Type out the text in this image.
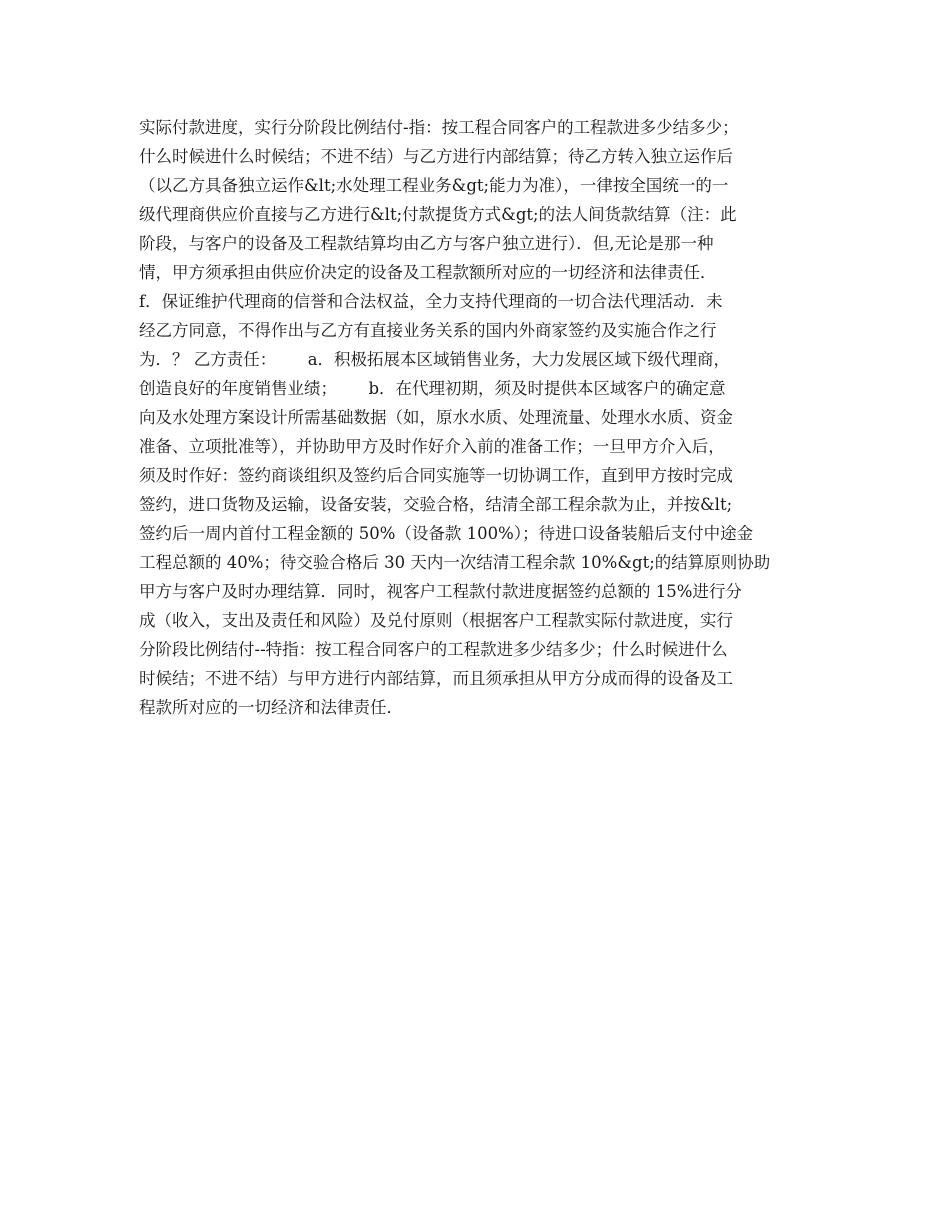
实际付款进度，实行分阶段比例结付-指：按工程合同客户的工程款进多少结多少；
什么时候进什么时候结；不进不结）与乙方进行内部结算；待乙方转入独立运作后
（以乙方具备独立运作&lt;水处理工程业务&gt;能力为准），一律按全国统一的一
级代理商供应价直接与乙方进行&lt;付款提货方式&gt;的法人间货款结算（注：此
阶段，与客户的设备及工程款结算均由乙方与客户独立进行）．但,无论是那一种
情，甲方须承担由供应价决定的设备及工程款额所对应的一切经济和法律责任．
f．保证维护代理商的信誉和合法权益，全力支持代理商的一切合法代理活动．未
经乙方同意，不得作出与乙方有直接业务关系的国内外商家签约及实施合作之行
为．？ 乙方责任：      a．积极拓展本区域销售业务，大力发展区域下级代理商，
创造良好的年度销售业绩；      b．在代理初期，须及时提供本区域客户的确定意
向及水处理方案设计所需基础数据（如，原水水质、处理流量、处理水水质、资金
准备、立项批准等），并协助甲方及时作好介入前的准备工作；一旦甲方介入后，
须及时作好：签约商谈组织及签约后合同实施等一切协调工作，直到甲方按时完成
签约，进口货物及运输，设备安装，交验合格，结清全部工程余款为止，并按&lt;
签约后一周内首付工程金额的 50%（设备款 100%）；待进口设备装船后支付中途金
工程总额的 40%；待交验合格后 30 天内一次结清工程余款 10%&gt;的结算原则协助
甲方与客户及时办理结算．同时，视客户工程款付款进度据签约总额的 15%进行分
成（收入，支出及责任和风险）及兑付原则（根据客户工程款实际付款进度，实行
分阶段比例结付--特指：按工程合同客户的工程款进多少结多少；什么时候进什么
时候结；不进不结）与甲方进行内部结算，而且须承担从甲方分成而得的设备及工
程款所对应的一切经济和法律责任．
